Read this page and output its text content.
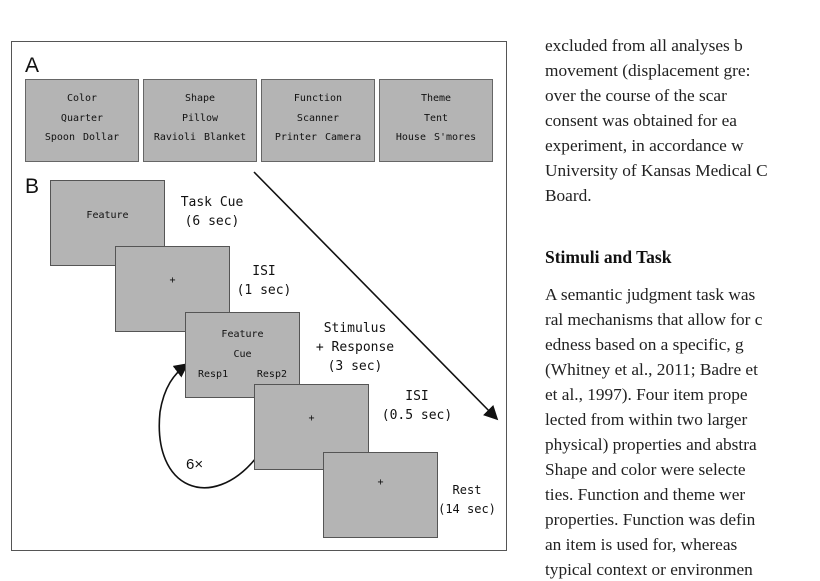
A
Color
Quarter
Spoon Dollar
Shape
Pillow
Ravioli Blanket
Function
Scanner
Printer Camera
Theme
Tent
House S'mores
B
Feature
+
Feature
Cue
Resp1	Resp2
+
+
Task Cue
(6 sec)
ISI
(1 sec)
Stimulus
+ Response
(3 sec)
ISI
(0.5 sec)
Rest
(14 sec)
6×
excluded from all analyses b
movement (displacement gre:
over the course of the scar
consent was obtained for ea
experiment, in accordance w
University of Kansas Medical C
Board.
Stimuli and Task
A semantic judgment task was
ral mechanisms that allow for c
edness based on a specific, g
(Whitney et al., 2011; Badre et
et al., 1997). Four item prope
lected from within two larger
physical) properties and abstra
Shape and color were selecte
ties. Function and theme wer
properties. Function was defin
an item is used for, whereas
typical context or environmen
